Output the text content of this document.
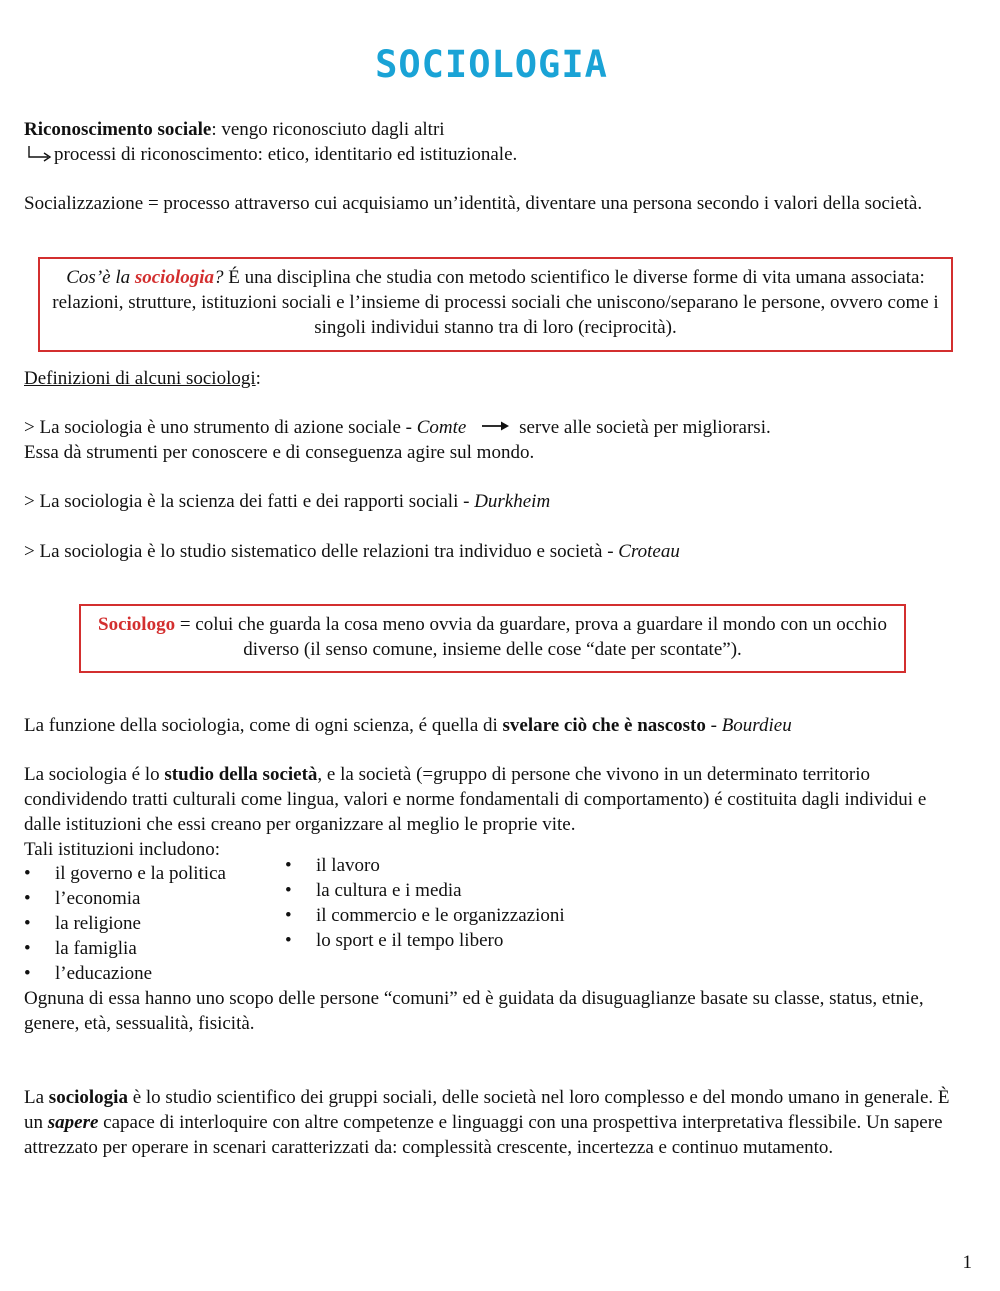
SOCIOLOGIA

Riconoscimento sociale: vengo riconosciuto dagli altri

processi di riconoscimento: etico, identitario ed istituzionale.

Socializzazione = processo attraverso cui acquisiamo un’identità, diventare una persona secondo i valori della società.

Cos’è la sociologia? É una disciplina che studia con metodo scientifico le diverse forme di vita umana associata: relazioni, strutture, istituzioni sociali e l’insieme di processi sociali che uniscono/separano le persone, ovvero come i singoli individui stanno tra di loro (reciprocità).

Definizioni di alcuni sociologi:

> La sociologia è uno strumento di azione sociale - Comte	serve alle società per migliorarsi.
Essa dà strumenti per conoscere e di conseguenza agire sul mondo.

> La sociologia è la scienza dei fatti e dei rapporti sociali - Durkheim

> La sociologia è lo studio sistematico delle relazioni tra individuo e società - Croteau

Sociologo = colui che guarda la cosa meno ovvia da guardare, prova a guardare il mondo con un occhio diverso (il senso comune, insieme delle cose “date per scontate”).

La funzione della sociologia, come di ogni scienza, é quella di svelare ciò che è nascosto - Bourdieu

La sociologia é lo studio della società, e la società (=gruppo di persone che vivono in un determinato territorio condividendo tratti culturali come lingua, valori e norme fondamentali di comportamento) é costituita dagli individui e dalle istituzioni che essi creano per organizzare al meglio le proprie vite.

Tali istituzioni includono:

• il governo e la politica
• l’economia
• la religione
• la famiglia
• l’educazione
• il lavoro
• la cultura e i media
• il commercio e le organizzazioni
• lo sport e il tempo libero

Ognuna di essa hanno uno scopo delle persone “comuni” ed è guidata da disuguaglianze basate su classe, status, etnie, genere, età, sessualità, fisicità.

La sociologia è lo studio scientifico dei gruppi sociali, delle società nel loro complesso e del mondo umano in generale. È un sapere capace di interloquire con altre competenze e linguaggi con una prospettiva interpretativa flessibile. Un sapere attrezzato per operare in scenari caratterizzati da: complessità crescente, incertezza e continuo mutamento.

1
